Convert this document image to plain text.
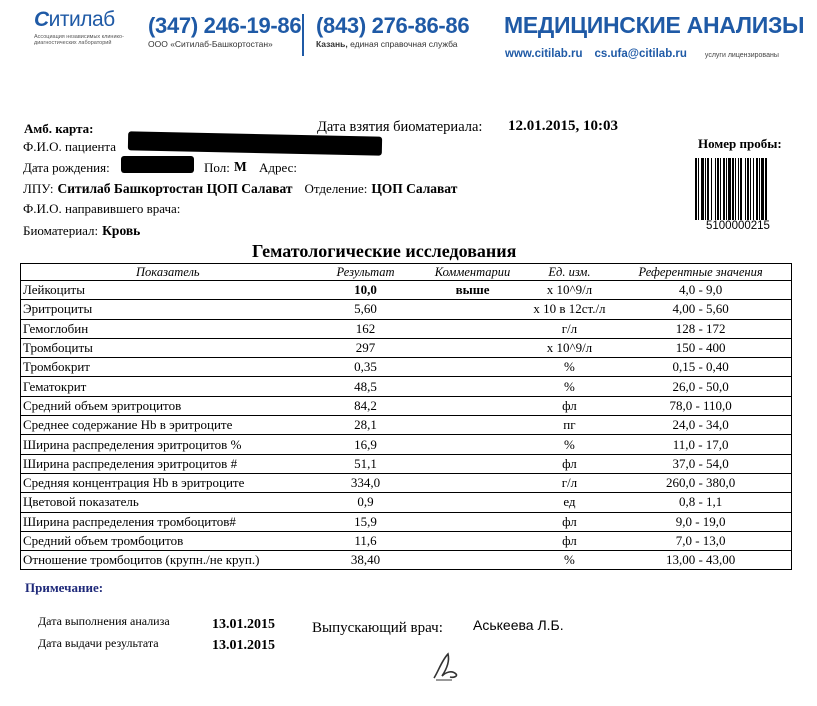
Ситилаб
Ассоциация независимых клинико-диагностических лабораторий
(347) 246-19-86
ООО «Ситилаб-Башкортостан»
(843) 276-86-86
Казань, единая справочная служба
МЕДИЦИНСКИЕ АНАЛИЗЫ
www.citilab.ru cs.ufa@citilab.ru	услуги лицензированы
Амб. карта:	Дата взятия биоматериала: 12.01.2015, 10:03
Ф.И.О. пациента	Номер пробы:
Дата рождения:	Пол: М Адрес:
ЛПУ: Ситилаб Башкортостан ЦОП Салават Отделение: ЦОП Салават
Ф.И.О. направившего врача:
Биоматериал: Кровь	5100000215
Гематологические исследования
Показатель	Результат	Комментарии	Ед. изм.	Референтные значения
Лейкоциты	10,0	выше	х 10^9/л	4,0 - 9,0
Эритроциты	5,60		х 10 в 12ст./л	4,00 - 5,60
Гемоглобин	162		г/л	128 - 172
Тромбоциты	297		х 10^9/л	150 - 400
Тромбокрит	0,35		%	0,15 - 0,40
Гематокрит	48,5		%	26,0 - 50,0
Средний объем эритроцитов	84,2		фл	78,0 - 110,0
Среднее содержание Hb в эритроците	28,1		пг	24,0 - 34,0
Ширина распределения эритроцитов %	16,9		%	11,0 - 17,0
Ширина распределения эритроцитов #	51,1		фл	37,0 - 54,0
Средняя концентрация Hb в эритроците	334,0		г/л	260,0 - 380,0
Цветовой показатель	0,9		ед	0,8 - 1,1
Ширина распределения тромбоцитов#	15,9		фл	9,0 - 19,0
Средний объем тромбоцитов	11,6		фл	7,0 - 13,0
Отношение тромбоцитов (крупн./не круп.)	38,40		%	13,00 - 43,00
Примечание:
Дата выполнения анализа	13.01.2015
Дата выдачи результата	13.01.2015
Выпускающий врач: Аськеева Л.Б.
